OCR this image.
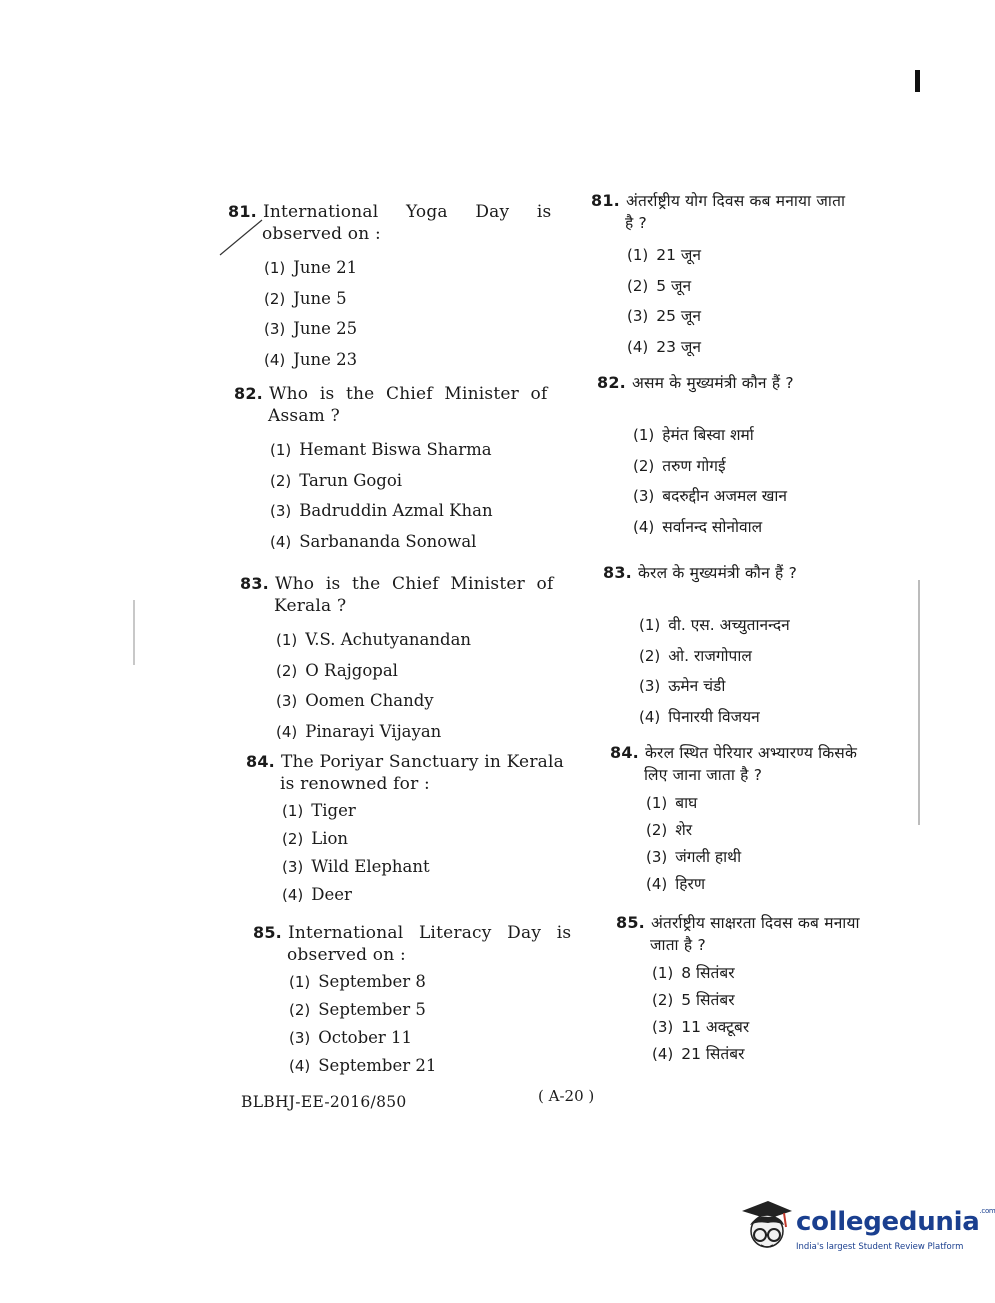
81. International Yoga Day is
observed on :
(1) June 21
(2) June 5
(3) June 25
(4) June 23
82. Who is the Chief Minister of
Assam ?
(1) Hemant Biswa Sharma
(2) Tarun Gogoi
(3) Badruddin Azmal Khan
(4) Sarbananda Sonowal
83. Who is the Chief Minister of
Kerala ?
(1) V.S. Achutyanandan
(2) O Rajgopal
(3) Oomen Chandy
(4) Pinarayi Vijayan
84. The Poriyar Sanctuary in Kerala
is renowned for :
(1) Tiger
(2) Lion
(3) Wild Elephant
(4) Deer
85. International Literacy Day is
observed on :
(1) September 8
(2) September 5
(3) October 11
(4) September 21
81. अंतर्राष्ट्रीय योग दिवस कब मनाया जाता
है ?
(1) 21 जून
(2) 5 जून
(3) 25 जून
(4) 23 जून
82. असम के मुख्यमंत्री कौन हैं ?
(1) हेमंत बिस्वा शर्मा
(2) तरुण गोगई
(3) बदरुद्दीन अजमल खान
(4) सर्वानन्द सोनोवाल
83. केरल के मुख्यमंत्री कौन हैं ?
(1) वी. एस. अच्युतानन्दन
(2) ओ. राजगोपाल
(3) ऊमेन चंडी
(4) पिनारयी विजयन
84. केरल स्थित पेरियार अभ्यारण्य किसके
लिए जाना जाता है ?
(1) बाघ
(2) शेर
(3) जंगली हाथी
(4) हिरण
85. अंतर्राष्ट्रीय साक्षरता दिवस कब मनाया
जाता है ?
(1) 8 सितंबर
(2) 5 सितंबर
(3) 11 अक्टूबर
(4) 21 सितंबर
BLBHJ-EE-2016/850	( A-20 )
collegedunia$^{.com}$
India's largest Student Review Platform
